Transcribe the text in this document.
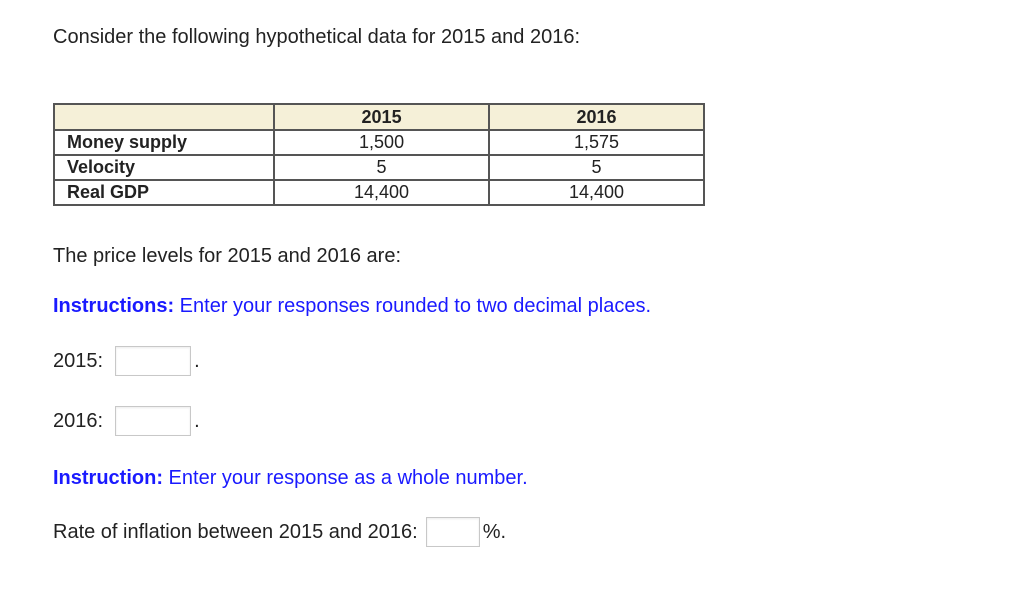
Consider the following hypothetical data for 2015 and 2016:
	2015	2016
Money supply	1,500	1,575
Velocity	5	5
Real GDP	14,400	14,400
The price levels for 2015 and 2016 are:
Instructions: Enter your responses rounded to two decimal places.
2015:	.
2016:	.
Instruction: Enter your response as a whole number.
Rate of inflation between 2015 and 2016:	%.
